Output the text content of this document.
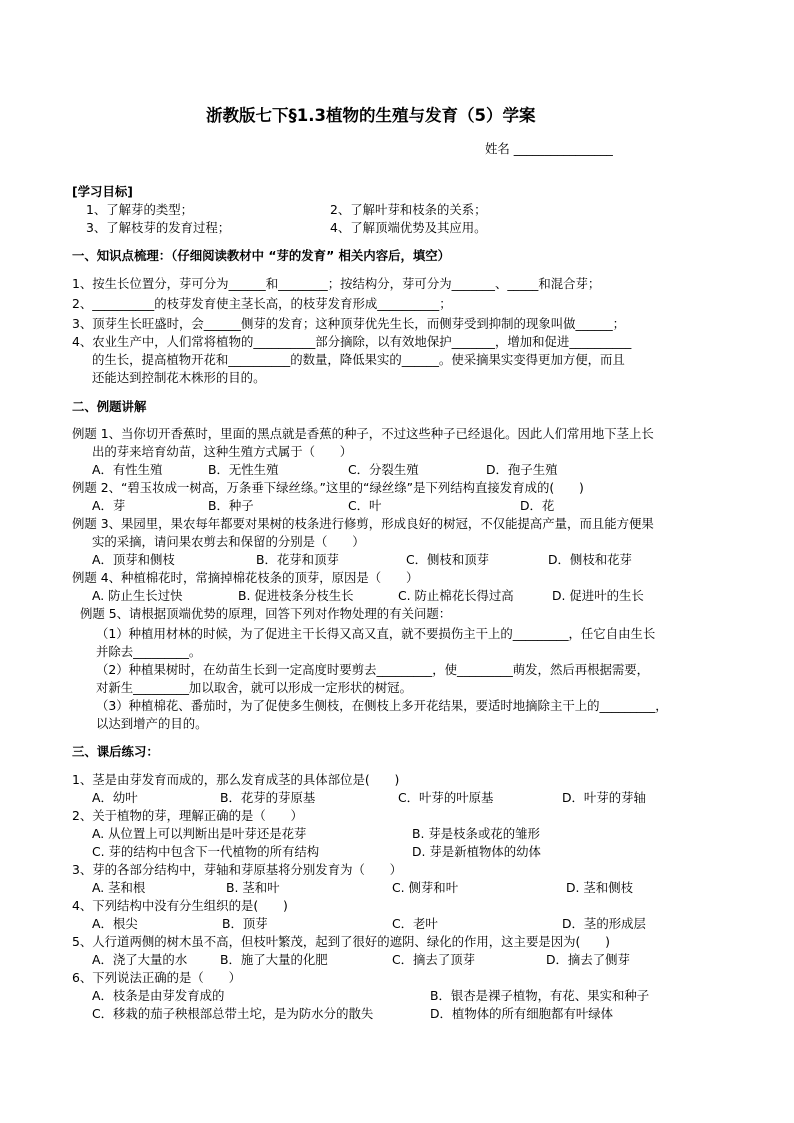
浙教版七下§1.3植物的生殖与发育（5）学案
姓名 ________________
[学习目标]
1、了解芽的类型；	2、了解叶芽和枝条的关系；
3、了解枝芽的发育过程；	4、了解顶端优势及其应用。
一、知识点梳理：（仔细阅读教材中 “芽的发育” 相关内容后，填空）
1、按生长位置分，芽可分为______和________；按结构分，芽可分为_______、_____和混合芽；
2、__________的枝芽发育使主茎长高，的枝芽发育形成__________；
3、顶芽生长旺盛时，会______侧芽的发育；这种顶芽优先生长，而侧芽受到抑制的现象叫做______；
4、农业生产中，人们常将植物的__________部分摘除，以有效地保护_______，增加和促进__________
的生长，提高植物开花和__________的数量，降低果实的______。使采摘果实变得更加方便，而且
还能达到控制花木株形的目的。
二、例题讲解
例题 1、当你切开香蕉时，里面的黑点就是香蕉的种子，不过这些种子已经退化。因此人们常用地下茎上长
出的芽来培育幼苗，这种生殖方式属于（　　）
A．有性生殖	B．无性生殖	C．分裂生殖	D．孢子生殖
例题 2、“碧玉妆成一树高，万条垂下绿丝绦。”这里的“绿丝绦”是下列结构直接发育成的(　　)
A．芽	B．种子	C．叶	D．花
例题 3、果园里，果农每年都要对果树的枝条进行修剪，形成良好的树冠，不仅能提高产量，而且能方便果
实的采摘，请问果农剪去和保留的分别是（　　）
A．顶芽和侧枝	B．花芽和顶芽	C．侧枝和顶芽	D．侧枝和花芽
例题 4、种植棉花时，常摘掉棉花枝条的顶芽，原因是（　　）
A. 防止生长过快	B. 促进枝条分枝生长	C. 防止棉花长得过高	D. 促进叶的生长
例题 5、请根据顶端优势的原理，回答下列对作物处理的有关问题：
（1）种植用材林的时候，为了促进主干长得又高又直，就不要损伤主干上的_________，任它自由生长
并除去_________。
（2）种植果树时，在幼苗生长到一定高度时要剪去_________，使_________萌发，然后再根据需要，
对新生_________加以取舍，就可以形成一定形状的树冠。
（3）种植棉花、番茄时，为了促使多生侧枝，在侧枝上多开花结果，要适时地摘除主干上的_________，
以达到增产的目的。
三、课后练习：
1、茎是由芽发育而成的，那么发育成茎的具体部位是(　　)
A．幼叶	B．花芽的芽原基	C．叶芽的叶原基	D．叶芽的芽轴
2、关于植物的芽，理解正确的是（　　）
A. 从位置上可以判断出是叶芽还是花芽	B. 芽是枝条或花的雏形
C. 芽的结构中包含下一代植物的所有结构	D. 芽是新植物体的幼体
3、芽的各部分结构中，芽轴和芽原基将分别发育为（　　）
A. 茎和根	B. 茎和叶	C. 侧芽和叶	D. 茎和侧枝
4、下列结构中没有分生组织的是(　　)
A．根尖	B．顶芽	C．老叶	D．茎的形成层
5、人行道两侧的树木虽不高，但枝叶繁茂，起到了很好的遮阴、绿化的作用，这主要是因为(　　)
A．浇了大量的水	B．施了大量的化肥	C．摘去了顶芽	D．摘去了侧芽
6、下列说法正确的是（　　）
A．枝条是由芽发育成的	B．银杏是裸子植物，有花、果实和种子
C．移栽的茄子秧根部总带土坨，是为防水分的散失	D．植物体的所有细胞都有叶绿体
